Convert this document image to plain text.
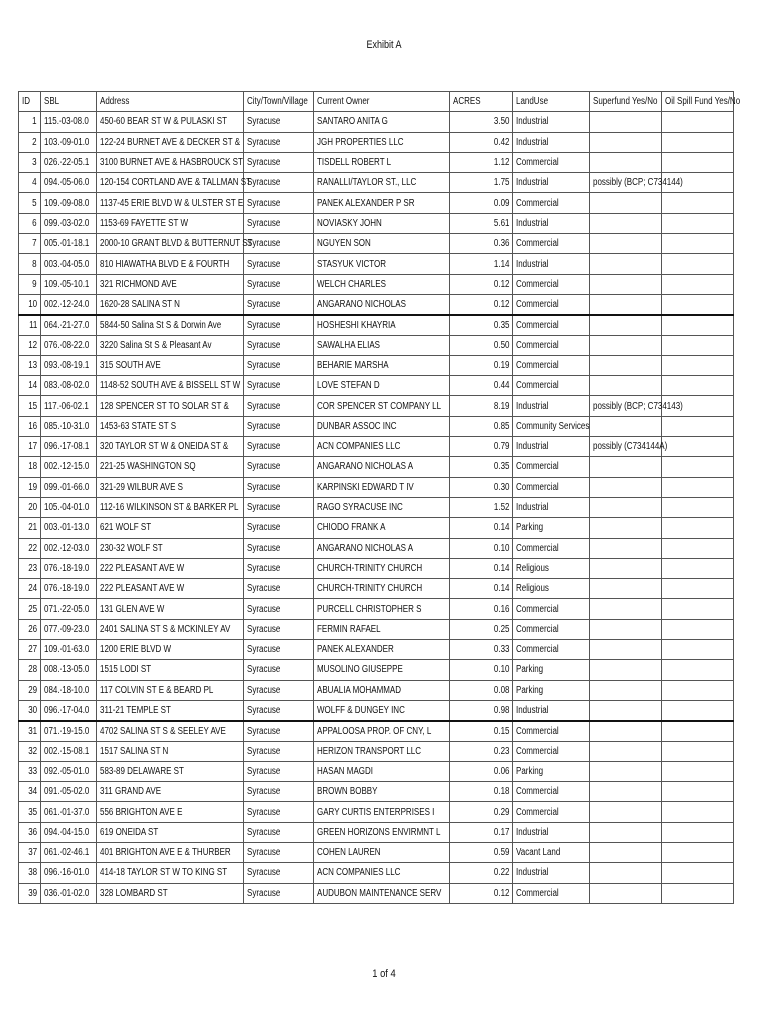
Exhibit A
ID	SBL	Address	City/Town/Village	Current Owner	ACRES	LandUse	Superfund Yes/No	Oil Spill Fund Yes/No
1	115.-03-08.0	450-60 BEAR ST W & PULASKI ST	Syracuse	SANTARO ANITA G	3.50	Industrial		
2	103.-09-01.0	122-24 BURNET AVE & DECKER ST &	Syracuse	JGH PROPERTIES LLC	0.42	Industrial		
3	026.-22-05.1	3100 BURNET AVE & HASBROUCK ST	Syracuse	TISDELL ROBERT L	1.12	Commercial		
4	094.-05-06.0	120-154 CORTLAND AVE & TALLMAN ST	Syracuse	RANALLI/TAYLOR ST., LLC	1.75	Industrial	possibly (BCP; C734144)	
5	109.-09-08.0	1137-45 ERIE BLVD W & ULSTER ST E	Syracuse	PANEK ALEXANDER P SR	0.09	Commercial		
6	099.-03-02.0	1153-69 FAYETTE ST W	Syracuse	NOVIASKY JOHN	5.61	Industrial		
7	005.-01-18.1	2000-10 GRANT BLVD & BUTTERNUT ST	Syracuse	NGUYEN SON	0.36	Commercial		
8	003.-04-05.0	810 HIAWATHA BLVD E & FOURTH	Syracuse	STASYUK VICTOR	1.14	Industrial		
9	109.-05-10.1	321 RICHMOND AVE	Syracuse	WELCH CHARLES	0.12	Commercial		
10	002.-12-24.0	1620-28 SALINA ST N	Syracuse	ANGARANO NICHOLAS	0.12	Commercial		
11	064.-21-27.0	5844-50 Salina St S & Dorwin Ave	Syracuse	HOSHESHI KHAYRIA	0.35	Commercial		
12	076.-08-22.0	3220 Salina St S & Pleasant Av	Syracuse	SAWALHA ELIAS	0.50	Commercial		
13	093.-08-19.1	315 SOUTH AVE	Syracuse	BEHARIE MARSHA	0.19	Commercial		
14	083.-08-02.0	1148-52 SOUTH AVE & BISSELL ST W	Syracuse	LOVE STEFAN D	0.44	Commercial		
15	117.-06-02.1	128 SPENCER ST TO SOLAR ST &	Syracuse	COR SPENCER ST COMPANY LL	8.19	Industrial	possibly (BCP; C734143)	
16	085.-10-31.0	1453-63 STATE ST S	Syracuse	DUNBAR ASSOC INC	0.85	Community Services		
17	096.-17-08.1	320 TAYLOR ST W & ONEIDA ST &	Syracuse	ACN COMPANIES LLC	0.79	Industrial	possibly (C734144A)	
18	002.-12-15.0	221-25 WASHINGTON SQ	Syracuse	ANGARANO NICHOLAS A	0.35	Commercial		
19	099.-01-66.0	321-29 WILBUR AVE S	Syracuse	KARPINSKI EDWARD T IV	0.30	Commercial		
20	105.-04-01.0	112-16 WILKINSON ST & BARKER PL	Syracuse	RAGO SYRACUSE INC	1.52	Industrial		
21	003.-01-13.0	621 WOLF ST	Syracuse	CHIODO FRANK A	0.14	Parking		
22	002.-12-03.0	230-32 WOLF ST	Syracuse	ANGARANO NICHOLAS A	0.10	Commercial		
23	076.-18-19.0	222 PLEASANT AVE W	Syracuse	CHURCH-TRINITY CHURCH	0.14	Religious		
24	076.-18-19.0	222 PLEASANT AVE W	Syracuse	CHURCH-TRINITY CHURCH	0.14	Religious		
25	071.-22-05.0	131 GLEN AVE W	Syracuse	PURCELL CHRISTOPHER S	0.16	Commercial		
26	077.-09-23.0	2401 SALINA ST S & MCKINLEY AV	Syracuse	FERMIN RAFAEL	0.25	Commercial		
27	109.-01-63.0	1200 ERIE BLVD W	Syracuse	PANEK ALEXANDER	0.33	Commercial		
28	008.-13-05.0	1515 LODI ST	Syracuse	MUSOLINO GIUSEPPE	0.10	Parking		
29	084.-18-10.0	117 COLVIN ST E & BEARD PL	Syracuse	ABUALIA MOHAMMAD	0.08	Parking		
30	096.-17-04.0	311-21 TEMPLE ST	Syracuse	WOLFF & DUNGEY INC	0.98	Industrial		
31	071.-19-15.0	4702 SALINA ST S & SEELEY AVE	Syracuse	APPALOOSA PROP. OF CNY, L	0.15	Commercial		
32	002.-15-08.1	1517 SALINA ST N	Syracuse	HERIZON TRANSPORT LLC	0.23	Commercial		
33	092.-05-01.0	583-89 DELAWARE ST	Syracuse	HASAN MAGDI	0.06	Parking		
34	091.-05-02.0	311 GRAND AVE	Syracuse	BROWN BOBBY	0.18	Commercial		
35	061.-01-37.0	556 BRIGHTON AVE E	Syracuse	GARY CURTIS ENTERPRISES I	0.29	Commercial		
36	094.-04-15.0	619 ONEIDA ST	Syracuse	GREEN HORIZONS ENVIRMNT L	0.17	Industrial		
37	061.-02-46.1	401 BRIGHTON AVE E & THURBER	Syracuse	COHEN LAUREN	0.59	Vacant Land		
38	096.-16-01.0	414-18 TAYLOR ST W TO KING ST	Syracuse	ACN COMPANIES LLC	0.22	Industrial		
39	036.-01-02.0	328 LOMBARD ST	Syracuse	AUDUBON MAINTENANCE SERV	0.12	Commercial		
1 of 4
